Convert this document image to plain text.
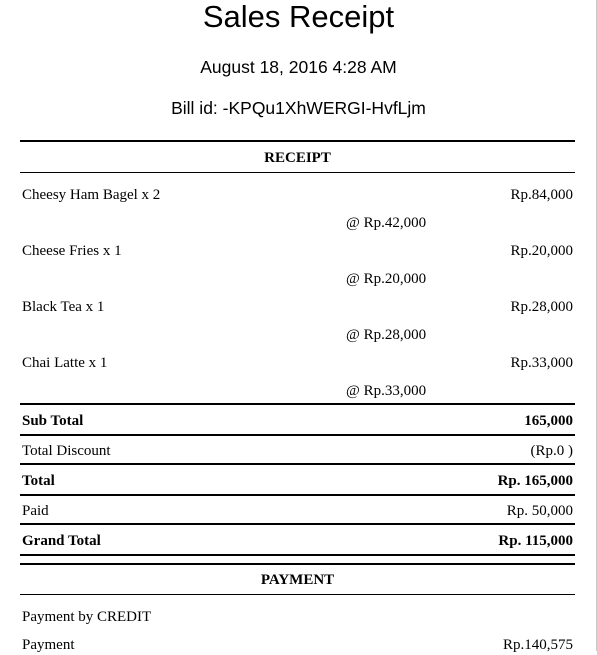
Sales Receipt
August 18, 2016 4:28 AM
Bill id: -KPQu1XhWERGI-HvfLjm
RECEIPT
Cheesy Ham Bagel x 2	Rp.84,000
@ Rp.42,000
Cheese Fries x 1	Rp.20,000
@ Rp.20,000
Black Tea x 1	Rp.28,000
@ Rp.28,000
Chai Latte x 1	Rp.33,000
@ Rp.33,000
Sub Total	165,000
Total Discount	(Rp.0 )
Total	Rp. 165,000
Paid	Rp. 50,000
Grand Total	Rp. 115,000
PAYMENT
Payment by CREDIT
Payment	Rp.140,575
